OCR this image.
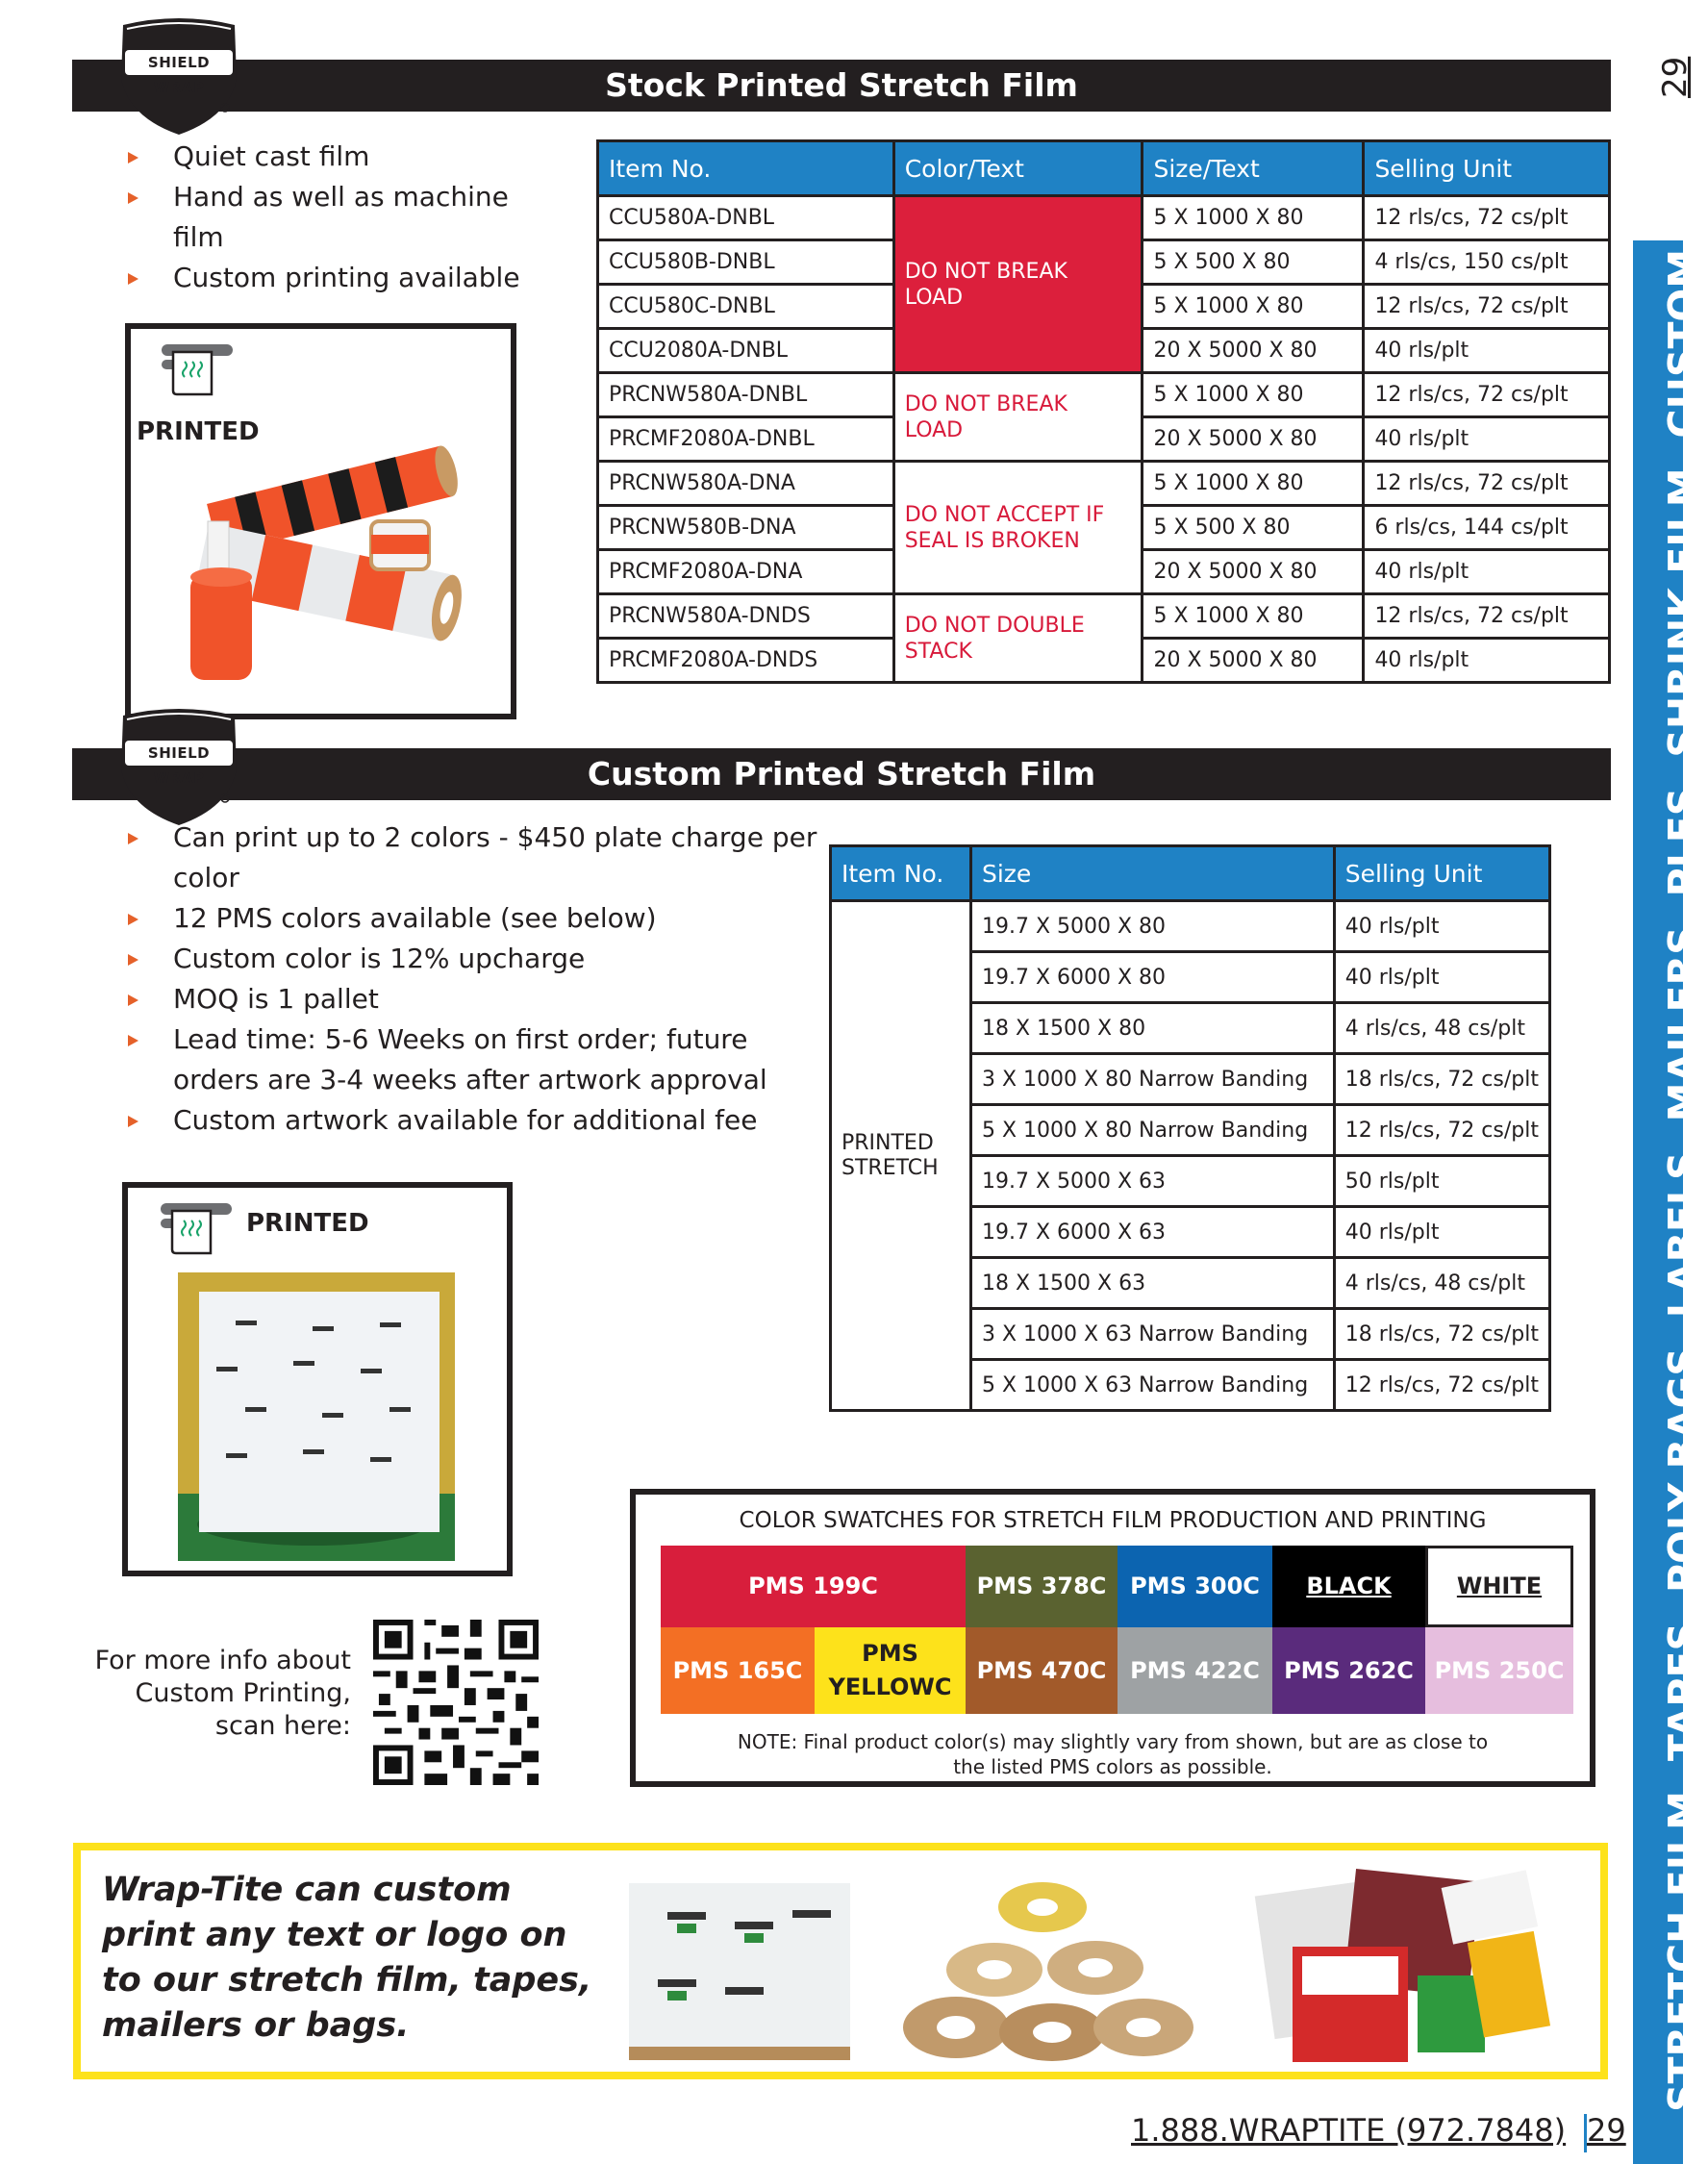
29
Stock Printed Stretch Film
SHIELD WRAP
Quiet cast film
Hand as well as machine film
Custom printing available
PRINTED
Item No.	Color/Text	Size/Text	Selling Unit
CCU580A-DNBL	DO NOT BREAK LOAD	5 X 1000 X 80	12 rls/cs, 72 cs/plt
CCU580B-DNBL		5 X 500 X 80	4 rls/cs, 150 cs/plt
CCU580C-DNBL		5 X 1000 X 80	12 rls/cs, 72 cs/plt
CCU2080A-DNBL		20 X 5000 X 80	40 rls/plt
PRCNW580A-DNBL	DO NOT BREAK LOAD	5 X 1000 X 80	12 rls/cs, 72 cs/plt
PRCMF2080A-DNBL		20 X 5000 X 80	40 rls/plt
PRCNW580A-DNA	DO NOT ACCEPT IF SEAL IS BROKEN	5 X 1000 X 80	12 rls/cs, 72 cs/plt
PRCNW580B-DNA		5 X 500 X 80	6 rls/cs, 144 cs/plt
PRCMF2080A-DNA		20 X 5000 X 80	40 rls/plt
PRCNW580A-DNDS	DO NOT DOUBLE STACK	5 X 1000 X 80	12 rls/cs, 72 cs/plt
PRCMF2080A-DNDS		20 X 5000 X 80	40 rls/plt
Custom Printed Stretch Film
SHIELD WRAP
Can print up to 2 colors - $450 plate charge per color
12 PMS colors available (see below)
Custom color is 12% upcharge
MOQ is 1 pallet
Lead time: 5-6 Weeks on first order; future orders are 3-4 weeks after artwork approval
Custom artwork available for additional fee
PRINTED
For more info about Custom Printing, scan here:
Item No.	Size	Selling Unit
PRINTED STRETCH	19.7 X 5000 X 80	40 rls/plt
	19.7 X 6000 X 80	40 rls/plt
	18 X 1500 X 80	4 rls/cs, 48 cs/plt
	3 X 1000 X 80 Narrow Banding	18 rls/cs, 72 cs/plt
	5 X 1000 X 80 Narrow Banding	12 rls/cs, 72 cs/plt
	19.7 X 5000 X 63	50 rls/plt
	19.7 X 6000 X 63	40 rls/plt
	18 X 1500 X 63	4 rls/cs, 48 cs/plt
	3 X 1000 X 63 Narrow Banding	18 rls/cs, 72 cs/plt
	5 X 1000 X 63 Narrow Banding	12 rls/cs, 72 cs/plt
COLOR SWATCHES FOR STRETCH FILM PRODUCTION AND PRINTING
PMS 199C	PMS 378C PMS 300C BLACK	WHITE
PMS 165C
PMS YELLOWC
PMS 470C PMS 422C PMS 262C PMS 250C
NOTE: Final product color(s) may slightly vary from shown, but are as close to the listed PMS colors as possible.
Wrap-Tite can custom print any text or logo on to our stretch film, tapes, mailers or bags.	STRETCH FILMTAPESPOLY BAGSLABELSMAILERSPLESSHRINK FILMCUSTOM
1.888.WRAPTITE (972.7848) 29
